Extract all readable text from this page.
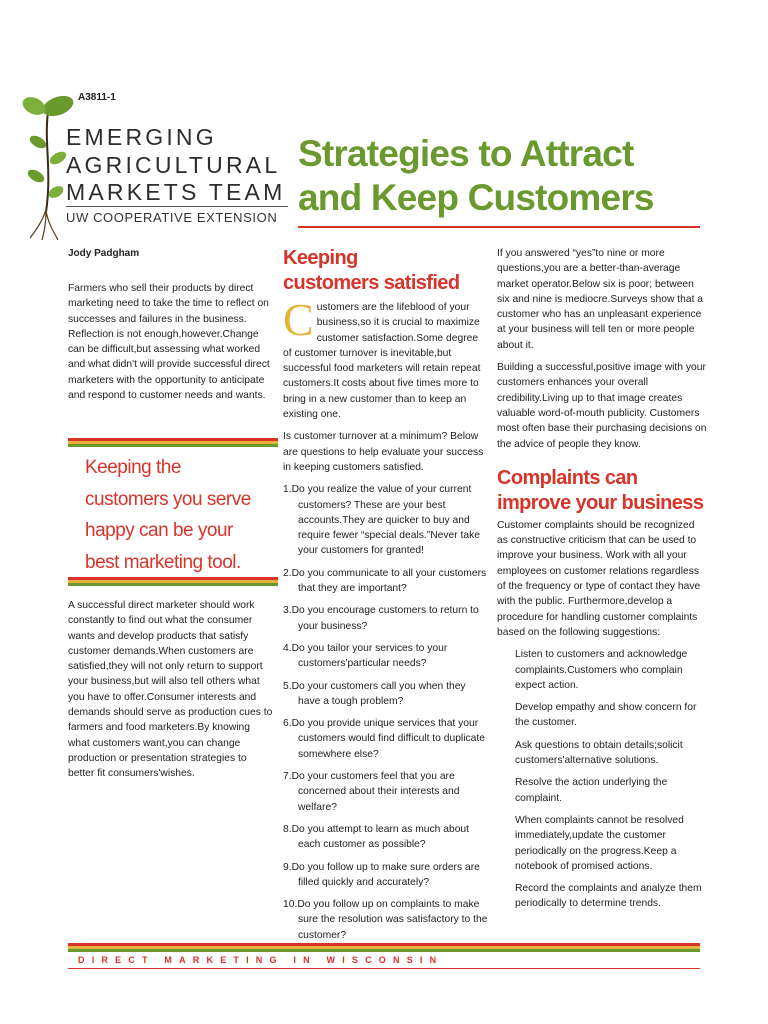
A3811-1
EMERGING
AGRICULTURAL
MARKETS TEAM
UW COOPERATIVE EXTENSION
Strategies to Attract
and Keep Customers
Jody Padgham
Farmers who sell their products by direct marketing need to take the time to reflect on successes and failures in the business. Reflection is not enough,however.Change can be difficult,but assessing what worked and what didn't will provide successful direct marketers with the opportunity to anticipate and respond to customer needs and wants.
Keeping the customers you serve happy can be your best marketing tool.
A successful direct marketer should work constantly to find out what the consumer wants and develop products that satisfy customer demands.When customers are satisfied,they will not only return to support your business,but will also tell others what you have to offer.Consumer interests and demands should serve as production cues to farmers and food marketers.By knowing what customers want,you can change production or presentation strategies to better fit consumers'wishes.
Keeping
customers satisfied

Customers are the lifeblood of your business,so it is crucial to maximize customer satisfaction.Some degree of customer turnover is inevitable,but successful food marketers will retain repeat customers.It costs about five times more to bring in a new customer than to keep an existing one.

Is customer turnover at a minimum? Below are questions to help evaluate your success in keeping customers satisfied.

1.Do you realize the value of your current customers? These are your best accounts.They are quicker to buy and require fewer “special deals.”Never take your customers for granted!

2.Do you communicate to all your customers that they are important?

3.Do you encourage customers to return to your business?

4.Do you tailor your services to your customers'particular needs?

5.Do your customers call you when they have a tough problem?

6.Do you provide unique services that your customers would find difficult to duplicate somewhere else?

7.Do your customers feel that you are concerned about their interests and welfare?

8.Do you attempt to learn as much about each customer as possible?

9.Do you follow up to make sure orders are filled quickly and accurately?

10.Do you follow up on complaints to make sure the resolution was satisfactory to the customer?

If you answered “yes”to nine or more questions,you are a better-than-average market operator.Below six is poor; between six and nine is mediocre.Surveys show that a customer who has an unpleasant experience at your business will tell ten or more people about it.

Building a successful,positive image with your customers enhances your overall credibility.Living up to that image creates valuable word-of-mouth publicity. Customers most often base their purchasing decisions on the advice of people they know.

Complaints can
improve your business

Customer complaints should be recognized as constructive criticism that can be used to improve your business. Work with all your employees on customer relations regardless of the frequency or type of contact they have with the public. Furthermore,develop a procedure for handling customer complaints based on the following suggestions:

Listen to customers and acknowledge complaints.Customers who complain expect action.

Develop empathy and show concern for the customer.

Ask questions to obtain details;solicit customers'alternative solutions.

Resolve the action underlying the complaint.

When complaints cannot be resolved immediately,update the customer periodically on the progress.Keep a notebook of promised actions.

Record the complaints and analyze them periodically to determine trends.

DIRECT MARKETING IN WISCONSIN
